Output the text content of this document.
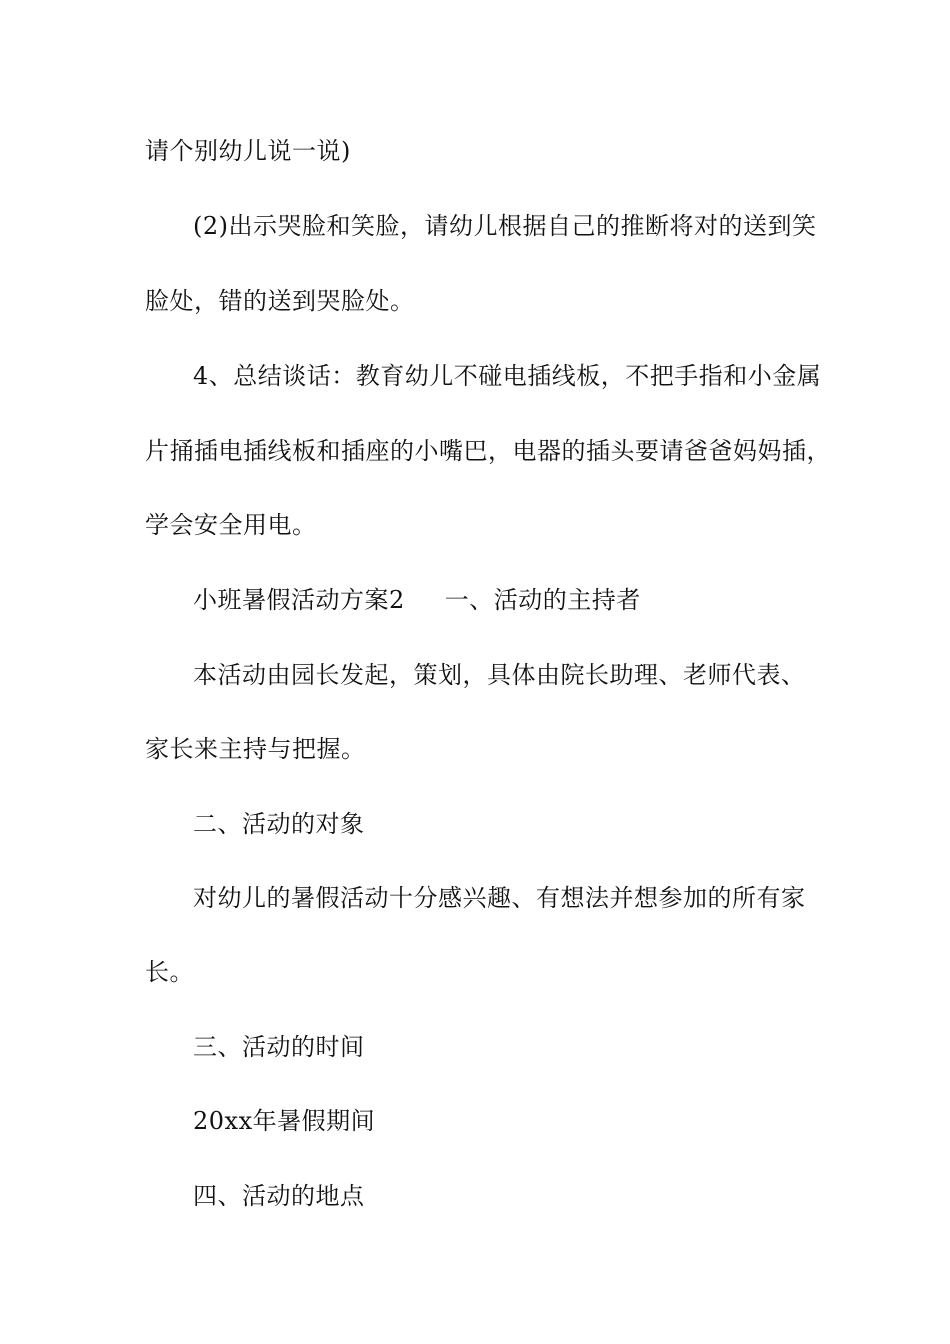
请个别幼儿说一说)
(2)出示哭脸和笑脸，请幼儿根据自己的推断将对的送到笑
脸处，错的送到哭脸处。
4、总结谈话：教育幼儿不碰电插线板，不把手指和小金属
片捅插电插线板和插座的小嘴巴，电器的插头要请爸爸妈妈插，
学会安全用电。
小班暑假活动方案2 一、活动的主持者
本活动由园长发起，策划，具体由院长助理、老师代表、
家长来主持与把握。
二、活动的对象
对幼儿的暑假活动十分感兴趣、有想法并想参加的所有家
长。
三、活动的时间
20xx年暑假期间
四、活动的地点
